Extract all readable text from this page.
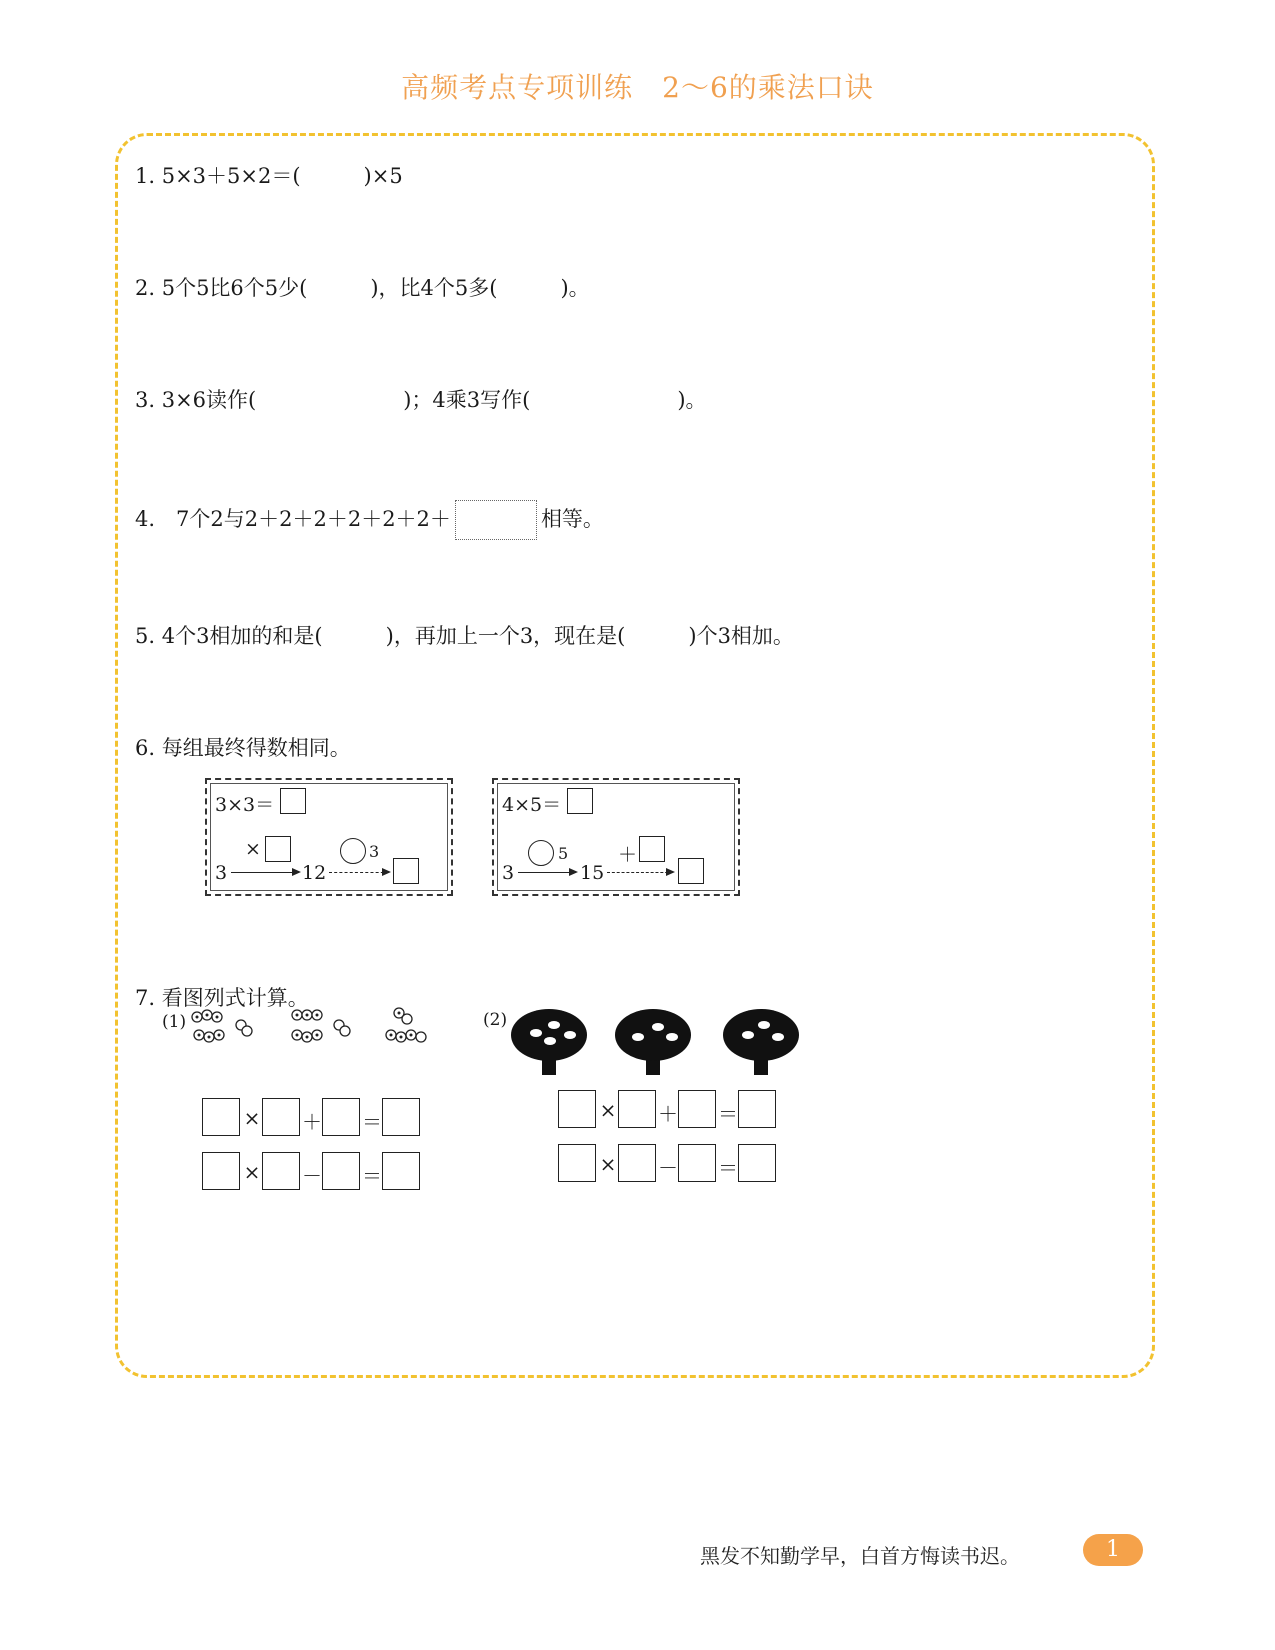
高频考点专项训练　2～6的乘法口诀
1. 5×3＋5×2＝(　　　)×5
2. 5个5比6个5少(　　　)，比4个5多(　　　)。
3. 3×6读作(　　　　　　　)；4乘3写作(　　　　　　　)。
4.　7个2与2＋2＋2＋2＋2＋2＋	相等。
5. 4个3相加的和是(　　　)，再加上一个3，现在是(　　　)个3相加。
6. 每组最终得数相同。
3×3＝
×	3
3	12
4×5＝
5	＋
3	15
7. 看图列式计算。
(1)	(2)
× ＋ ＝
× － ＝
× ＋ ＝
× － ＝
黑发不知勤学早，白首方悔读书迟。	1
